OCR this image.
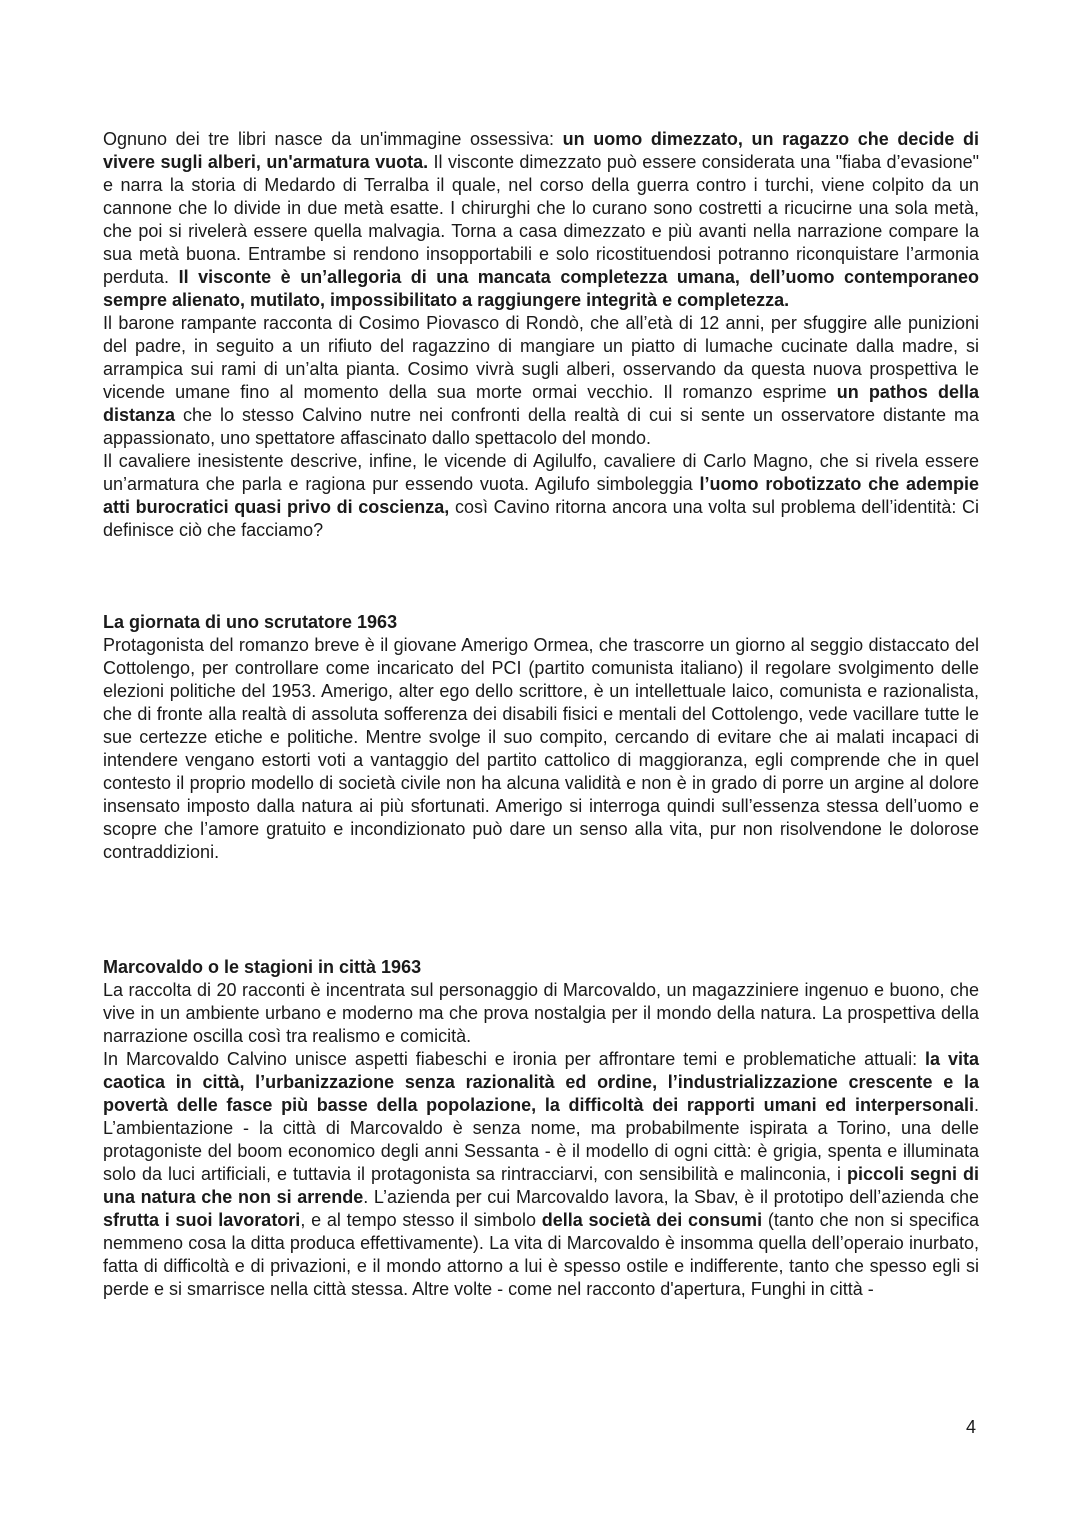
Ognuno dei tre libri nasce da un'immagine ossessiva: un uomo dimezzato, un ragazzo che decide di vivere sugli alberi, un'armatura vuota. Il visconte dimezzato può essere considerata una "fiaba d’evasione" e narra la storia di Medardo di Terralba il quale, nel corso della guerra contro i turchi, viene colpito da un cannone che lo divide in due metà esatte. I chirurghi che lo curano sono costretti a ricucirne una sola metà, che poi si rivelerà essere quella malvagia. Torna a casa dimezzato e più avanti nella narrazione compare la sua metà buona. Entrambe si rendono insopportabili e solo ricostituendosi potranno riconquistare l’armonia perduta. Il visconte è un’allegoria di una mancata completezza umana, dell’uomo contemporaneo sempre alienato, mutilato, impossibilitato a raggiungere integrità e completezza.

Il barone rampante racconta di Cosimo Piovasco di Rondò, che all’età di 12 anni, per sfuggire alle punizioni del padre, in seguito a un rifiuto del ragazzino di mangiare un piatto di lumache cucinate dalla madre, si arrampica sui rami di un’alta pianta. Cosimo vivrà sugli alberi, osservando da questa nuova prospettiva le vicende umane fino al momento della sua morte ormai vecchio. Il romanzo esprime un pathos della distanza che lo stesso Calvino nutre nei confronti della realtà di cui si sente un osservatore distante ma appassionato, uno spettatore affascinato dallo spettacolo del mondo.

Il cavaliere inesistente descrive, infine, le vicende di Agilulfo, cavaliere di Carlo Magno, che si rivela essere un’armatura che parla e ragiona pur essendo vuota. Agilufo simboleggia l’uomo robotizzato che adempie atti burocratici quasi privo di coscienza, così Cavino ritorna ancora una volta sul problema dell’identità: Ci definisce ciò che facciamo?

La giornata di uno scrutatore 1963

Protagonista del romanzo breve è il giovane Amerigo Ormea, che trascorre un giorno al seggio distaccato del Cottolengo, per controllare come incaricato del PCI (partito comunista italiano) il regolare svolgimento delle elezioni politiche del 1953. Amerigo, alter ego dello scrittore, è un intellettuale laico, comunista e razionalista, che di fronte alla realtà di assoluta sofferenza dei disabili fisici e mentali del Cottolengo, vede vacillare tutte le sue certezze etiche e politiche. Mentre svolge il suo compito, cercando di evitare che ai malati incapaci di intendere vengano estorti voti a vantaggio del partito cattolico di maggioranza, egli comprende che in quel contesto il proprio modello di società civile non ha alcuna validità e non è in grado di porre un argine al dolore insensato imposto dalla natura ai più sfortunati. Amerigo si interroga quindi sull’essenza stessa dell’uomo e scopre che l’amore gratuito e incondizionato può dare un senso alla vita, pur non risolvendone le dolorose contraddizioni.

Marcovaldo o le stagioni in città 1963

La raccolta di 20 racconti è incentrata sul personaggio di Marcovaldo, un magazziniere ingenuo e buono, che vive in un ambiente urbano e moderno ma che prova nostalgia per il mondo della natura. La prospettiva della narrazione oscilla così tra realismo e comicità.

In Marcovaldo Calvino unisce aspetti fiabeschi e ironia per affrontare temi e problematiche attuali: la vita caotica in città, l’urbanizzazione senza razionalità ed ordine, l’industrializzazione crescente e la povertà delle fasce più basse della popolazione, la difficoltà dei rapporti umani ed interpersonali. L’ambientazione - la città di Marcovaldo è senza nome, ma probabilmente ispirata a Torino, una delle protagoniste del boom economico degli anni Sessanta - è il modello di ogni città: è grigia, spenta e illuminata solo da luci artificiali, e tuttavia il protagonista sa rintracciarvi, con sensibilità e malinconia, i piccoli segni di una natura che non si arrende. L’azienda per cui Marcovaldo lavora, la Sbav, è il prototipo dell’azienda che sfrutta i suoi lavoratori, e al tempo stesso il simbolo della società dei consumi (tanto che non si specifica nemmeno cosa la ditta produca effettivamente). La vita di Marcovaldo è insomma quella dell’operaio inurbato, fatta di difficoltà e di privazioni, e il mondo attorno a lui è spesso ostile e indifferente, tanto che spesso egli si perde e si smarrisce nella città stessa. Altre volte - come nel racconto d'apertura, Funghi in città -

4
